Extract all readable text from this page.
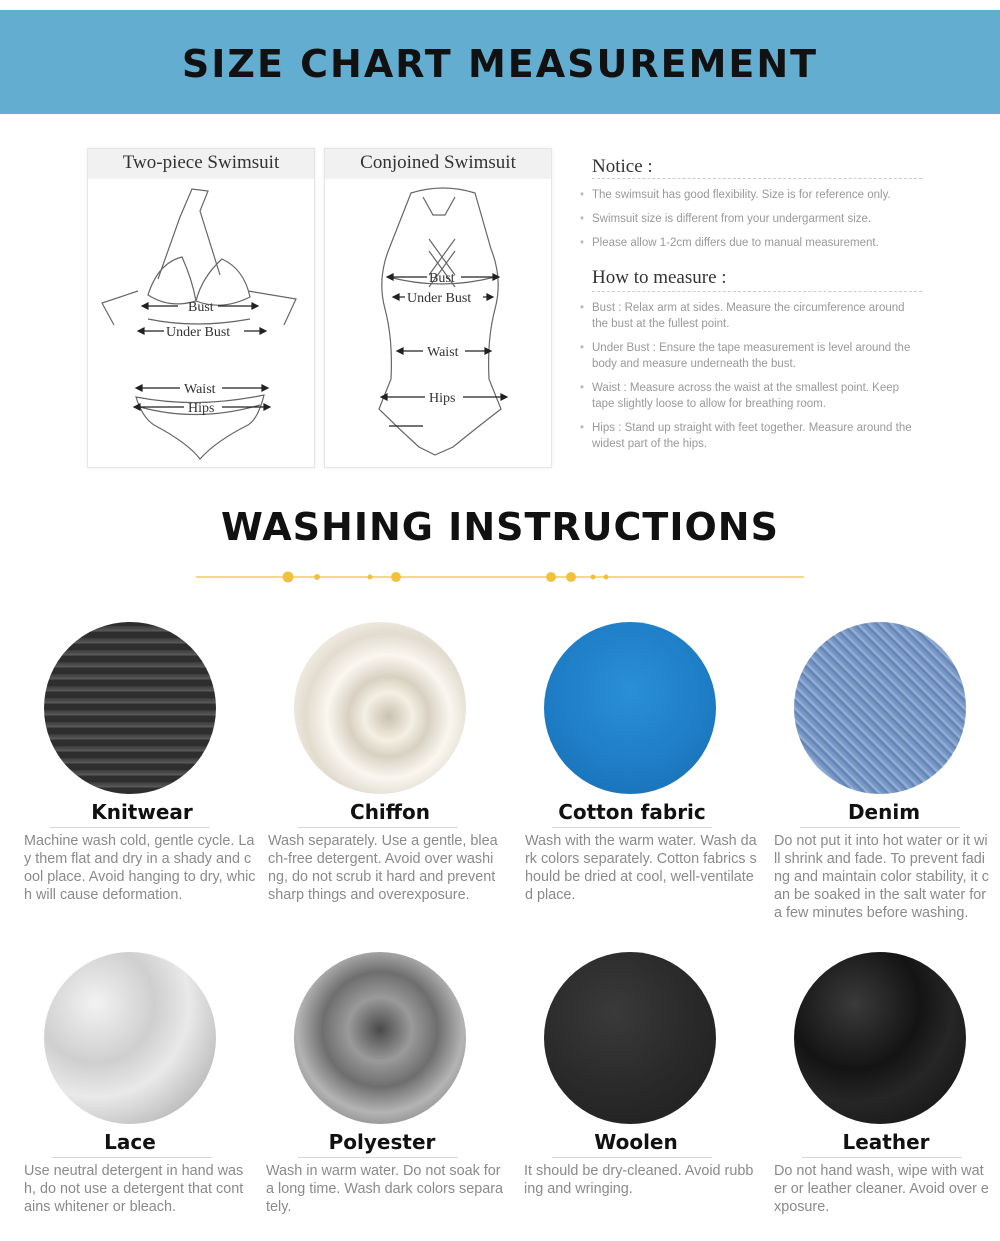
SIZE CHART MEASUREMENT
Two-piece Swimsuit
Bust
Under Bust
Waist
Hips
Conjoined Swimsuit
Bust
Under Bust
Waist
Hips
Notice :
• The swimsuit has good flexibility. Size is for reference only.
• Swimsuit size is different from your undergarment size.
• Please allow 1-2cm differs due to manual measurement.
How to measure :
• Bust : Relax arm at sides. Measure the circumference around the bust at the fullest point.
• Under Bust : Ensure the tape measurement is level around the body and measure underneath the bust.
• Waist : Measure across the waist at the smallest point. Keep tape slightly loose to allow for breathing room.
• Hips : Stand up straight with feet together. Measure around the widest part of the hips.
WASHING INSTRUCTIONS
Knitwear
Machine wash cold, gentle cycle. Lay them flat and dry in a shady and cool place. Avoid hanging to dry, which will cause deformation.
Chiffon
Wash separately. Use a gentle, bleach-free detergent. Avoid over washing, do not scrub it hard and prevent sharp things and overexposure.
Cotton fabric
Wash with the warm water. Wash dark colors separately. Cotton fabrics should be dried at cool, well-ventilated place.
Denim
Do not put it into hot water or it will shrink and fade. To prevent fading and maintain color stability, it can be soaked in the salt water for a few minutes before washing.
Lace
Use neutral detergent in hand wash, do not use a detergent that contains whitener or bleach.
Polyester
Wash in warm water. Do not soak for a long time. Wash dark colors separately.
Woolen
It should be dry-cleaned. Avoid rubbing and wringing.
Leather
Do not hand wash, wipe with water or leather cleaner. Avoid over exposure.
